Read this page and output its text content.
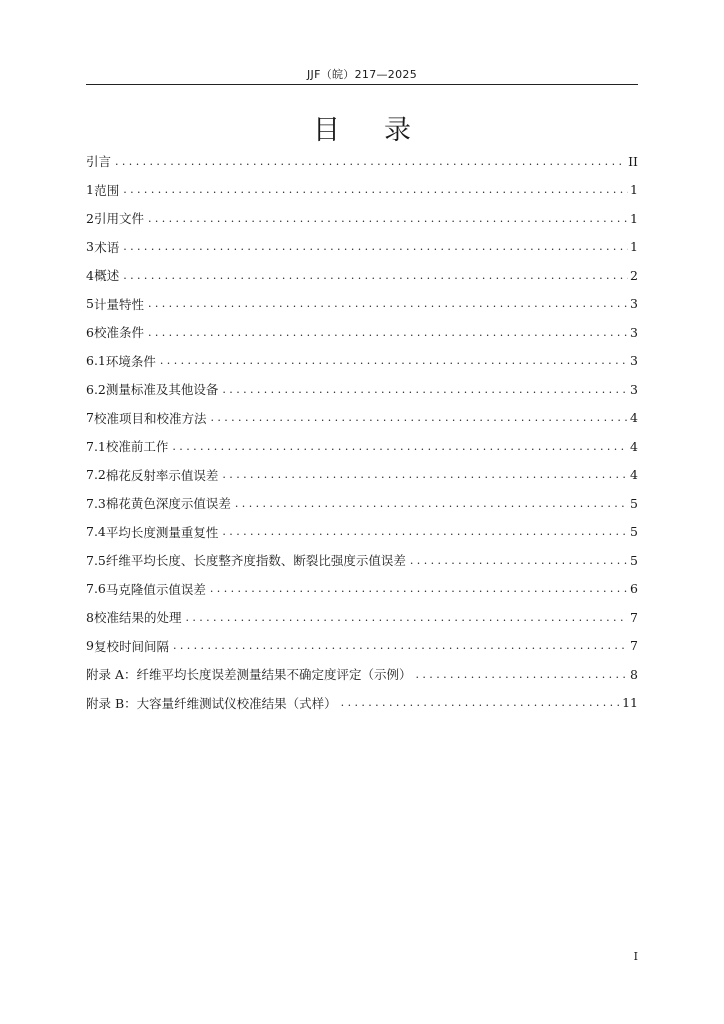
JJF（皖）217—2025
目 录
引言 .....	II
1 范围 .....	1
2 引用文件 .....	1
3 术语 .....	1
4 概述 .....	2
5 计量特性 .....	3
6 校准条件 .....	3
6.1 环境条件 .....	3
6.2 测量标准及其他设备 .....	3
7 校准项目和校准方法 .....	4
7.1 校准前工作 .....	4
7.2 棉花反射率示值误差 .....	4
7.3 棉花黄色深度示值误差 .....	5
7.4 平均长度测量重复性 .....	5
7.5 纤维平均长度、长度整齐度指数、断裂比强度示值误差 .....	5
7.6 马克隆值示值误差 .....	6
8 校准结果的处理 .....	7
9 复校时间间隔 .....	7
附录 A：纤维平均长度误差测量结果不确定度评定（示例） .....	8
附录 B：大容量纤维测试仪校准结果（式样） .....	11
I
